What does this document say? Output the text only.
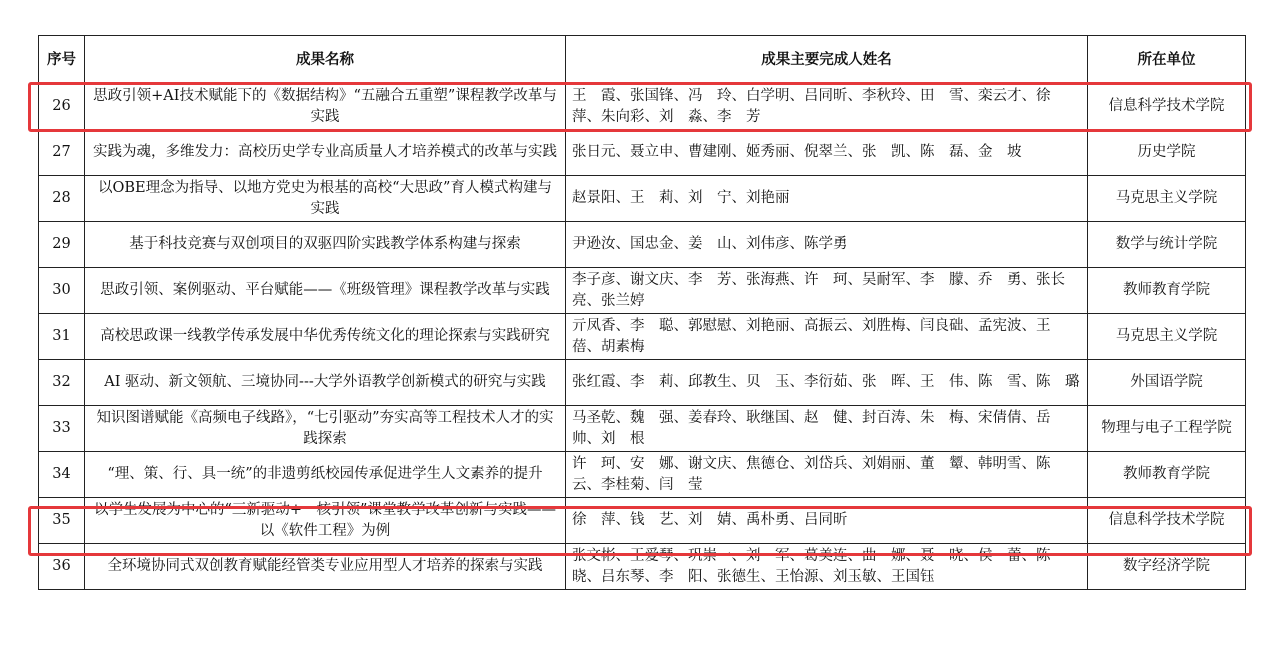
序号	成果名称	成果主要完成人姓名	所在单位
26	思政引领+AI技术赋能下的《数据结构》“五融合五重塑”课程教学改革与实践	王　霞、张国锋、冯　玲、白学明、吕同昕、李秋玲、田　雪、栾云才、徐　萍、朱向彩、刘　淼、李　芳	信息科学技术学院
27	实践为魂，多维发力：高校历史学专业高质量人才培养模式的改革与实践	张日元、聂立申、曹建刚、姬秀丽、倪翠兰、张　凯、陈　磊、金　坡	历史学院
28	以OBE理念为指导、以地方党史为根基的高校“大思政”育人模式构建与实践	赵景阳、王　莉、刘　宁、刘艳丽	马克思主义学院
29	基于科技竞赛与双创项目的双驱四阶实践教学体系构建与探索	尹逊汝、国忠金、姜　山、刘伟彦、陈学勇	数学与统计学院
30	思政引领、案例驱动、平台赋能——《班级管理》课程教学改革与实践	李子彦、谢文庆、李　芳、张海燕、许　珂、吴耐军、李　朦、乔　勇、张长亮、张兰婷	教师教育学院
31	高校思政课一线教学传承发展中华优秀传统文化的理论探索与实践研究	亓凤香、李　聪、郭慰慰、刘艳丽、高振云、刘胜梅、闫良础、孟宪波、王　蓓、胡素梅	马克思主义学院
32	AI 驱动、新文领航、三境协同---大学外语教学创新模式的研究与实践	张红霞、李　莉、邱教生、贝　玉、李衍茹、张　晖、王　伟、陈　雪、陈　璐	外国语学院
33	知识图谱赋能《高频电子线路》，“七引驱动”夯实高等工程技术人才的实践探索	马圣乾、魏　强、姜春玲、耿继国、赵　健、封百涛、朱　梅、宋倩倩、岳　帅、刘　根	物理与电子工程学院
34	“理、策、行、具一统”的非遗剪纸校园传承促进学生人文素养的提升	许　珂、安　娜、谢文庆、焦德仓、刘岱兵、刘娟丽、董　颦、韩明雪、陈　云、李桂菊、闫　莹	教师教育学院
35	以学生发展为中心的“三新驱动+一核引领”课堂教学改革创新与实践——以《软件工程》为例	徐　萍、钱　艺、刘　婧、禹朴勇、吕同昕	信息科学技术学院
36	全环境协同式双创教育赋能经管类专业应用型人才培养的探索与实践	张文彬、王爱琴、巩崇一、刘　军、葛美连、曲　娜、聂　晓、侯　蕾、陈　晓、吕东琴、李　阳、张德生、王怡源、刘玉敏、王国钰	数字经济学院
